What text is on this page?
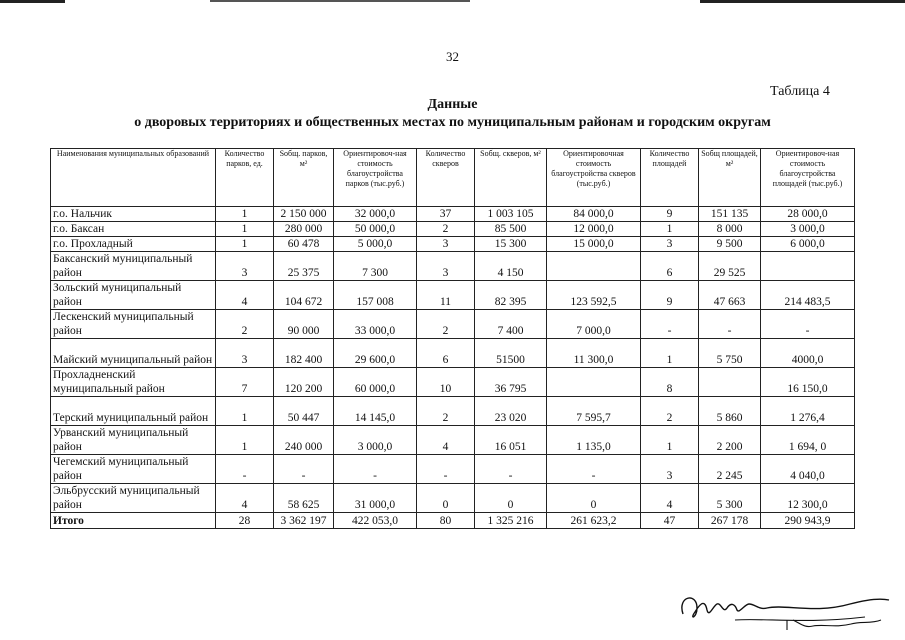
32
Таблица 4
Данные
о дворовых территориях и общественных местах по муниципальным районам и городским округам
Наименования муниципальных образований	Количество парков, ед.	Sобщ. парков, м²	Ориентировоч-ная стоимость благоустройства парков (тыс.руб.)	Количество скверов	Sобщ. скверов, м²	Ориентировочная стоимость благоустройства скверов (тыс.руб.)	Количество площадей	Sобщ площадей, м²	Ориентировоч-ная стоимость благоустройства площадей (тыс.руб.)
г.о. Нальчик	1	2 150 000	32 000,0	37	1 003 105	84 000,0	9	151 135	28 000,0
г.о. Баксан	1	280 000	50 000,0	2	85 500	12 000,0	1	8 000	3 000,0
г.о. Прохладный	1	60 478	5 000,0	3	15 300	15 000,0	3	9 500	6 000,0
Баксанский муниципальный район	3	25 375	7 300	3	4 150		6	29 525	
Зольский муниципальный район	4	104 672	157 008	11	82 395	123 592,5	9	47 663	214 483,5
Лескенский муниципальный район	2	90 000	33 000,0	2	7 400	7 000,0	-	-	-
Майский муниципальный район	3	182 400	29 600,0	6	51500	11 300,0	1	5 750	4000,0
Прохладненский муниципальный район	7	120 200	60 000,0	10	36 795		8		16 150,0
Терский муниципальный район	1	50 447	14 145,0	2	23 020	7 595,7	2	5 860	1 276,4
Урванский муниципальный район	1	240 000	3 000,0	4	16 051	1 135,0	1	2 200	1 694, 0
Чегемский муниципальный район	-	-	-	-	-	-	3	2 245	4 040,0
Эльбрусский муниципальный район	4	58 625	31 000,0	0	0	0	4	5 300	12 300,0
Итого	28	3 362 197	422 053,0	80	1 325 216	261 623,2	47	267 178	290 943,9
